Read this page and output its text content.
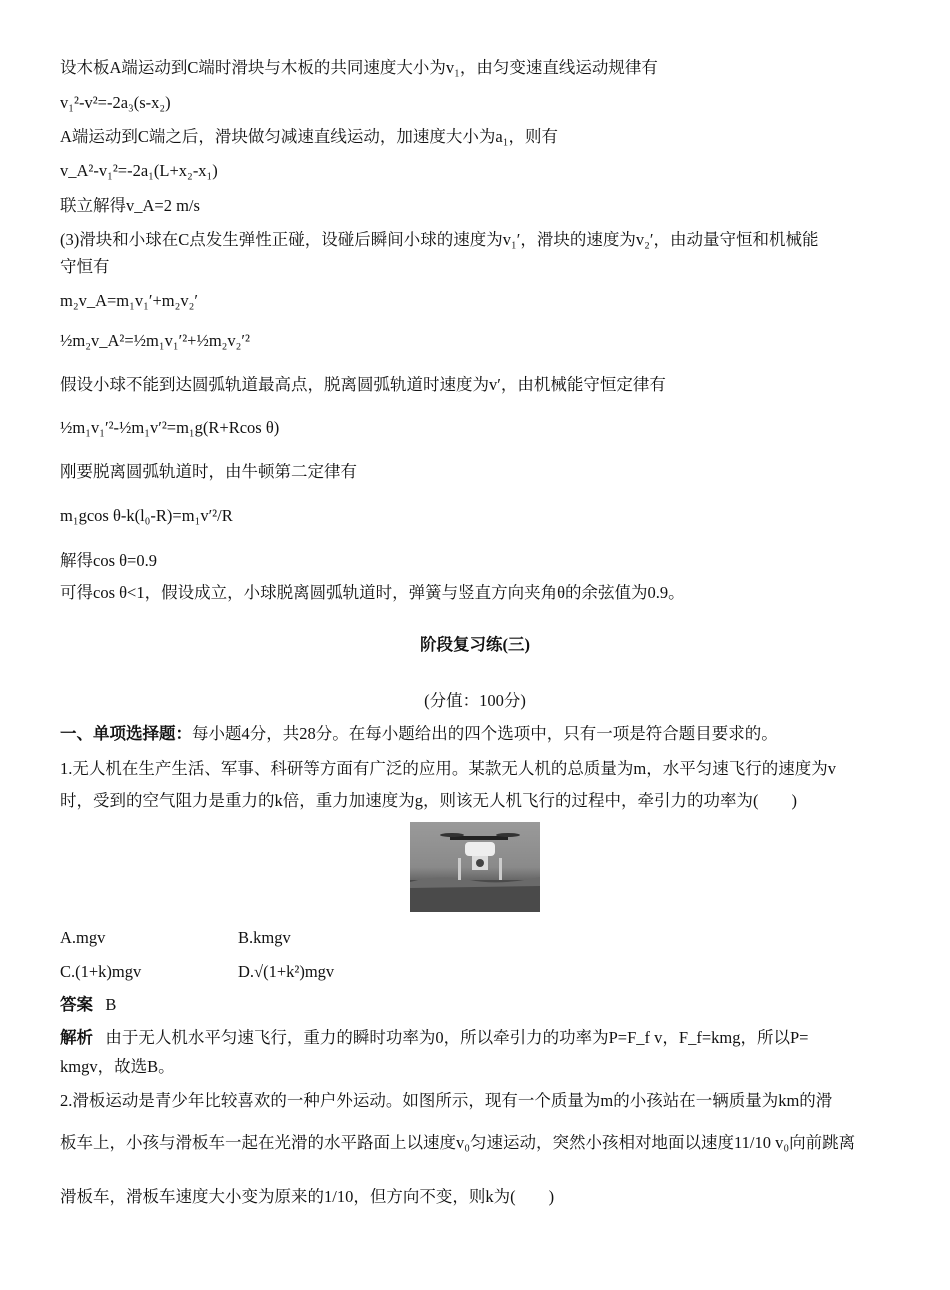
设木板A端运动到C端时滑块与木板的共同速度大小为v₁，由匀变速直线运动规律有
v₁²-v²=-2a₃(s-x₂)
A端运动到C端之后，滑块做匀减速直线运动，加速度大小为a₁，则有
v_A²-v₁²=-2a₁(L+x₂-x₁)
联立解得v_A=2 m/s
(3)滑块和小球在C点发生弹性正碰，设碰后瞬间小球的速度为v₁′，滑块的速度为v₂′，由动量守恒和机械能
守恒有
m₂v_A=m₁v₁′+m₂v₂′
½m₂v_A²=½m₁v₁′²+½m₂v₂′²
假设小球不能到达圆弧轨道最高点，脱离圆弧轨道时速度为v′，由机械能守恒定律有
½m₁v₁′²-½m₁v′²=m₁g(R+Rcos θ)
刚要脱离圆弧轨道时，由牛顿第二定律有
m₁gcos θ-k(l₀-R)=m₁v′²/R
解得cos θ=0.9
可得cos θ<1，假设成立，小球脱离圆弧轨道时，弹簧与竖直方向夹角θ的余弦值为0.9。
阶段复习练(三)
(分值：100分)
一、单项选择题：每小题4分，共28分。在每小题给出的四个选项中，只有一项是符合题目要求的。
1.无人机在生产生活、军事、科研等方面有广泛的应用。某款无人机的总质量为m，水平匀速飞行的速度为v
时，受到的空气阻力是重力的k倍，重力加速度为g，则该无人机飞行的过程中，牵引力的功率为(　　)
A.mgv	B.kmgv
C.(1+k)mgv	D.√(1+k²)mgv
答案 B
解析 由于无人机水平匀速飞行，重力的瞬时功率为0，所以牵引力的功率为P=F_f v，F_f=kmg，所以P=
kmgv，故选B。
2.滑板运动是青少年比较喜欢的一种户外运动。如图所示，现有一个质量为m的小孩站在一辆质量为km的滑
板车上，小孩与滑板车一起在光滑的水平路面上以速度v₀匀速运动，突然小孩相对地面以速度11/10 v₀向前跳离
滑板车，滑板车速度大小变为原来的1/10，但方向不变，则k为(　　)
